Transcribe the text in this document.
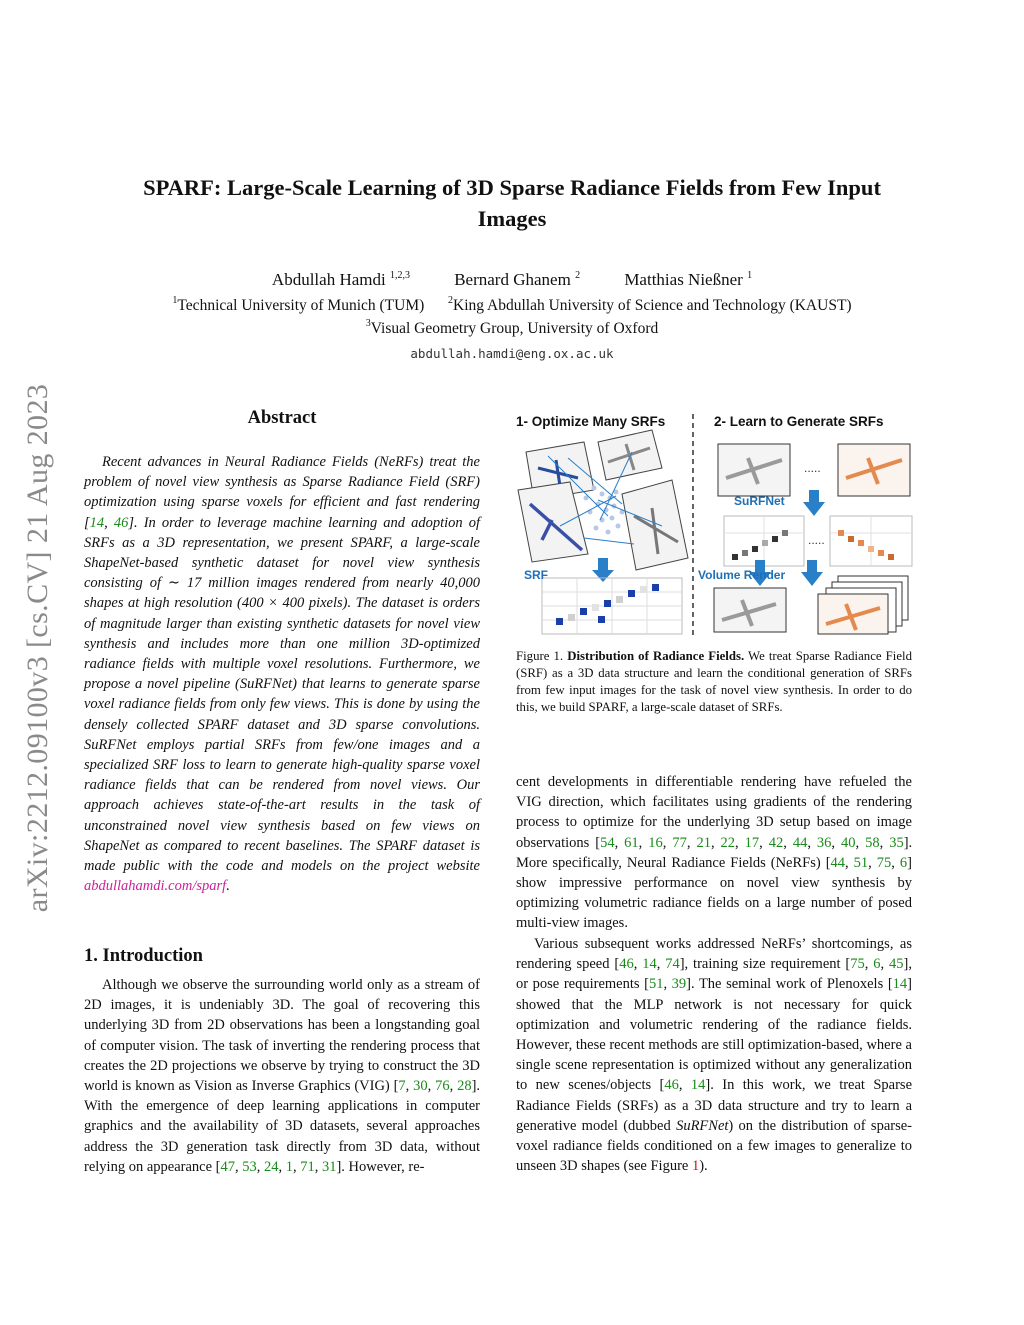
arXiv:2212.09100v3 [cs.CV] 21 Aug 2023
SPARF: Large-Scale Learning of 3D Sparse Radiance Fields from Few Input
Images
Abdullah Hamdi $^{1,2,3}$	Bernard Ghanem $^2$	Matthias Nießner $^1$
$^1$Technical University of Munich (TUM) $^2$King Abdullah University of Science and Technology (KAUST)
$^3$Visual Geometry Group, University of Oxford
abdullah.hamdi@eng.ox.ac.uk
Abstract
Recent advances in Neural Radiance Fields (NeRFs) treat the problem of novel view synthesis as Sparse Radiance Field (SRF) optimization using sparse voxels for efficient and fast rendering [14, 46]. In order to leverage machine learning and adoption of SRFs as a 3D representation, we present SPARF, a large-scale ShapeNet-based synthetic dataset for novel view synthesis consisting of ∼ 17 million images rendered from nearly 40,000 shapes at high resolution (400 × 400 pixels). The dataset is orders of magnitude larger than existing synthetic datasets for novel view synthesis and includes more than one million 3D-optimized radiance fields with multiple voxel resolutions. Furthermore, we propose a novel pipeline (SuRFNet) that learns to generate sparse voxel radiance fields from only few views. This is done by using the densely collected SPARF dataset and 3D sparse convolutions. SuRFNet employs partial SRFs from few/one images and a specialized SRF loss to learn to generate high-quality sparse voxel radiance fields that can be rendered from novel views. Our approach achieves state-of-the-art results in the task of unconstrained novel view synthesis based on few views on ShapeNet as compared to recent baselines. The SPARF dataset is made public with the code and models on the project website abdullahamdi.com/sparf.
1. Introduction
Although we observe the surrounding world only as a stream of 2D images, it is undeniably 3D. The goal of recovering this underlying 3D from 2D observations has been a longstanding goal of computer vision. The task of inverting the rendering process that creates the 2D projections we observe by trying to construct the 3D world is known as Vision as Inverse Graphics (VIG) [7, 30, 76, 28]. With the emergence of deep learning applications in computer graphics and the availability of 3D datasets, several approaches address the 3D generation task directly from 3D data, without relying on appearance [47, 53, 24, 1, 71, 31]. However, re-
cent developments in differentiable rendering have refueled the VIG direction, which facilitates using gradients of the rendering process to optimize for the underlying 3D setup based on image observations [54, 61, 16, 77, 21, 22, 17, 42, 44, 36, 40, 58, 35]. More specifically, Neural Radiance Fields (NeRFs) [44, 51, 75, 6] show impressive performance on novel view synthesis by optimizing volumetric radiance fields on a large number of posed multi-view images.
Various subsequent works addressed NeRFs’ shortcomings, as rendering speed [46, 14, 74], training size requirement [75, 6, 45], or pose requirements [51, 39]. The seminal work of Plenoxels [14] showed that the MLP network is not necessary for quick optimization and volumetric rendering of the radiance fields. However, these recent methods are still optimization-based, where a single scene representation is optimized without any generalization to new scenes/objects [46, 14]. In this work, we treat Sparse Radiance Fields (SRFs) as a 3D data structure and try to learn a generative model (dubbed SuRFNet) on the distribution of sparse-voxel radiance fields conditioned on a few images to generalize to unseen 3D shapes (see Figure 1).
1- Optimize Many SRFs	2- Learn to Generate SRFs
.....
.....
SuRFNet
SRF	Volume Render
Figure 1. Distribution of Radiance Fields. We treat Sparse Radiance Field (SRF) as a 3D data structure and learn the conditional generation of SRFs from few input images for the task of novel view synthesis. In order to do this, we build SPARF, a large-scale dataset of SRFs.
